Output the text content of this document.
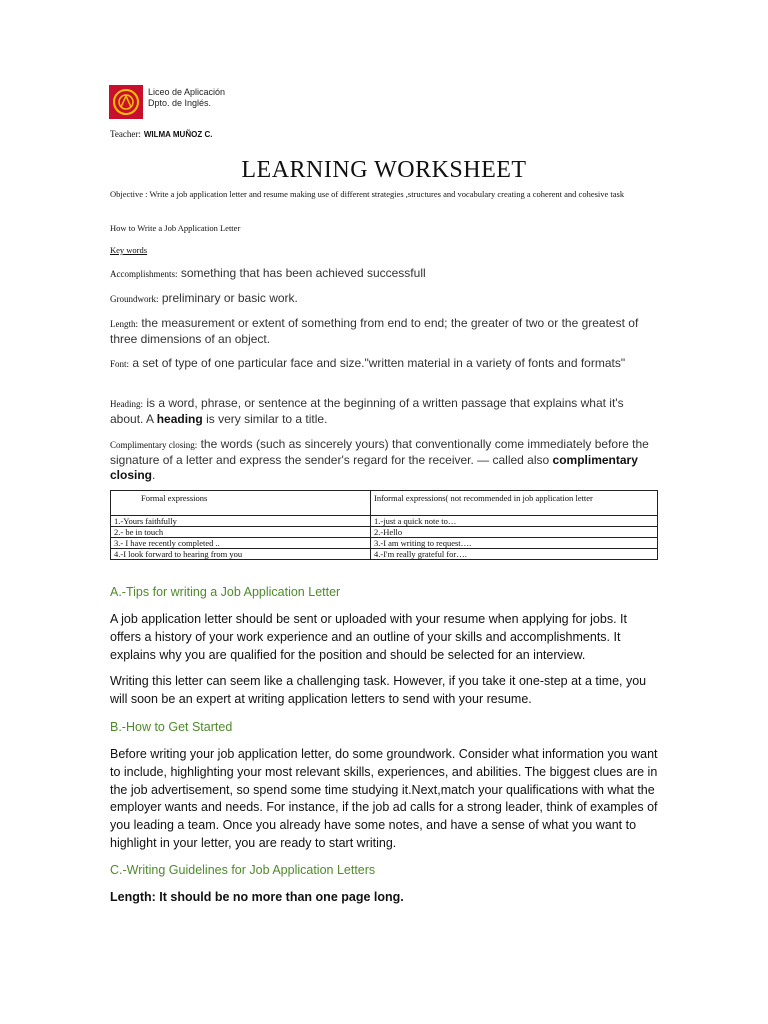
Liceo de Aplicación
Dpto. de Inglés.
Teacher: WILMA MUÑOZ C.
LEARNING WORKSHEET
Objective : Write a job application letter and resume making use of different strategies ,structures and vocabulary creating a coherent and cohesive task
How to Write a Job Application Letter
Key words
Accomplishments: something that has been achieved successfull
Groundwork: preliminary or basic work.
Length: the measurement or extent of something from end to end; the greater of two or the greatest of three dimensions of an object.
Font: a set of type of one particular face and size."written material in a variety of fonts and formats"
Heading: is a word, phrase, or sentence at the beginning of a written passage that explains what it's about. A heading is very similar to a title.
Complimentary closing: the words (such as sincerely yours) that conventionally come immediately before the signature of a letter and express the sender's regard for the receiver. — called also complimentary closing.
Formal expressions	Informal expressions( not recommended in job application letter
1.-Yours faithfully	1.-just a quick note to…
2.- be in touch	2.-Hello
3.- I have recently completed ..	3.-I am writing to request….
4.-I look forward to hearing from you	4.-I'm really grateful for….
A.-Tips for writing a Job Application Letter
A job application letter should be sent or uploaded with your resume when applying for jobs. It offers a history of your work experience and an outline of your skills and accomplishments. It explains why you are qualified for the position and should be selected for an interview.
Writing this letter can seem like a challenging task. However, if you take it one-step at a time, you will soon be an expert at writing application letters to send with your resume.
B.-How to Get Started
Before writing your job application letter, do some groundwork. Consider what information you want to include, highlighting your most relevant skills, experiences, and abilities. The biggest clues are in the job advertisement, so spend some time studying it.Next,match your qualifications with what the employer wants and needs. For instance, if the job ad calls for a strong leader, think of examples of you leading a team. Once you already have some notes, and have a sense of what you want to highlight in your letter, you are ready to start writing.
C.-Writing Guidelines for Job Application Letters
Length: It should be no more than one page long.
